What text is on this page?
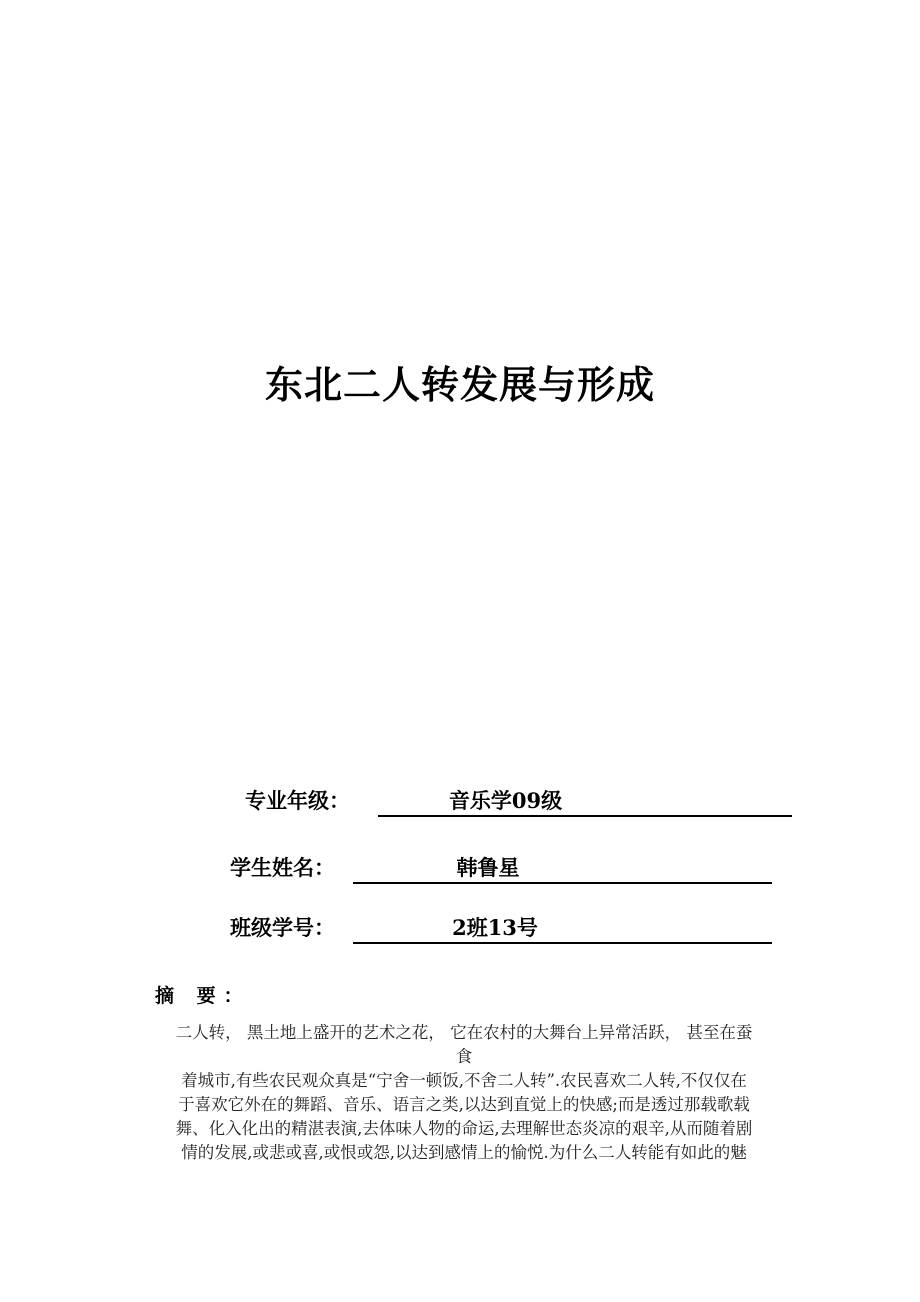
东北二人转发展与形成
专业年级：	音乐学09级
学生姓名：	韩鲁星
班级学号：	2班13号
摘 要：
二人转， 黑土地上盛开的艺术之花， 它在农村的大舞台上异常活跃， 甚至在蚕
食
着城市,有些农民观众真是“宁舍一顿饭,不舍二人转”.农民喜欢二人转,不仅仅在
于喜欢它外在的舞蹈、音乐、语言之类,以达到直觉上的快感;而是透过那载歌载
舞、化入化出的精湛表演,去体味人物的命运,去理解世态炎凉的艰辛,从而随着剧
情的发展,或悲或喜,或恨或怨,以达到感情上的愉悦.为什么二人转能有如此的魅
